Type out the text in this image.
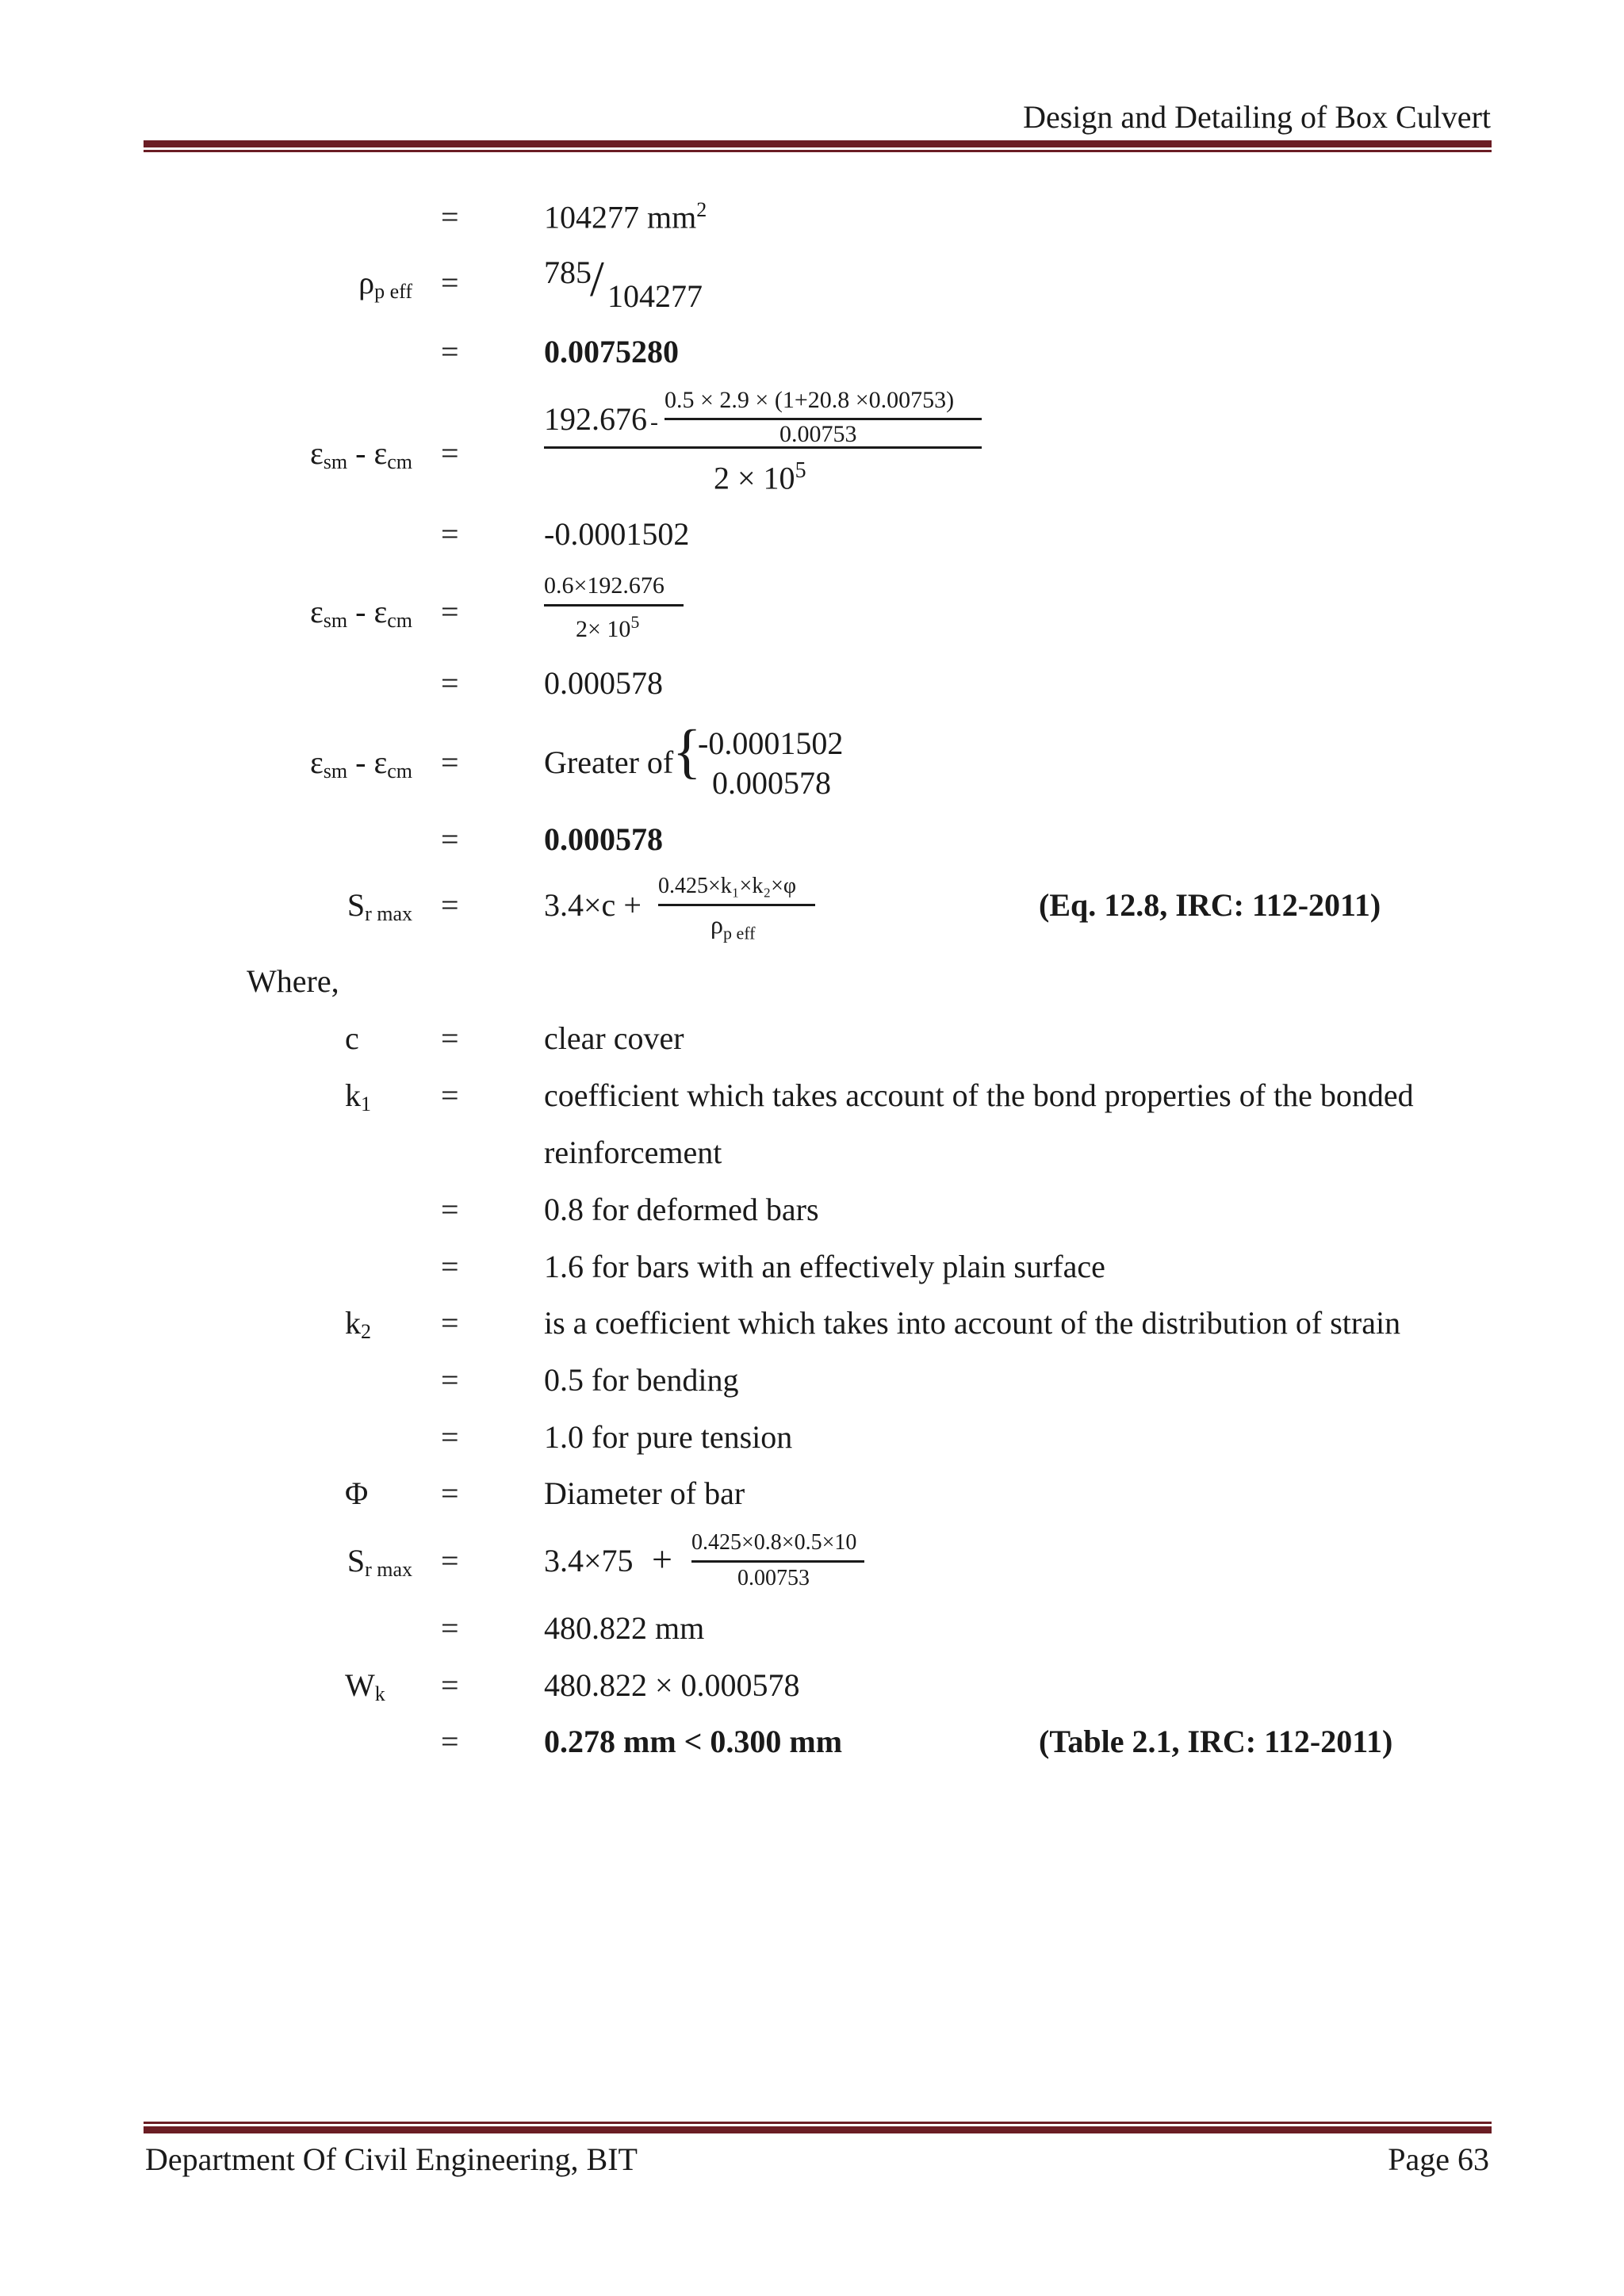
Design and Detailing of Box Culvert
=	104277 $mm^2$
$\rho_{p eff}$ =	785
/ 104277
=	0.0075280
$\varepsilon_{sm} - \varepsilon_{cm}$ =
192.676 -
0.5 × 2.9 × (1+20.8 ×0.00753)
0.00753
$2 \times 10^5$
=	-0.0001502
$\varepsilon_{sm} - \varepsilon_{cm}$ =
0.6×192.676
$2\times 10^5$
=	0.000578
$\varepsilon_{sm} - \varepsilon_{cm}$ =	Greater of
{
-0.0001502
0.000578
=	0.000578
$S_{r max}$ =	3.4×c +
0.425×k₁×k₂×φ
$\rho_{p eff}$
(Eq. 12.8, IRC: 112-2011)
Where,
c	=	clear cover
$k_1$ =	coefficient which takes account of the bond properties of the bonded
reinforcement
=	0.8 for deformed bars
=	1.6 for bars with an effectively plain surface
$k_2$ =	is a coefficient which takes into account of the distribution of strain
=	0.5 for bending
=	1.0 for pure tension
Φ =	Diameter of bar
$S_{r max}$ =	3.4×75 + 0.425×0.8×0.5×10
0.00753
=	480.822 mm
$W_k$ =	480.822 × 0.000578
=	0.278 mm < 0.300 mm	(Table 2.1, IRC: 112-2011)
Department Of Civil Engineering, BIT	Page 63
